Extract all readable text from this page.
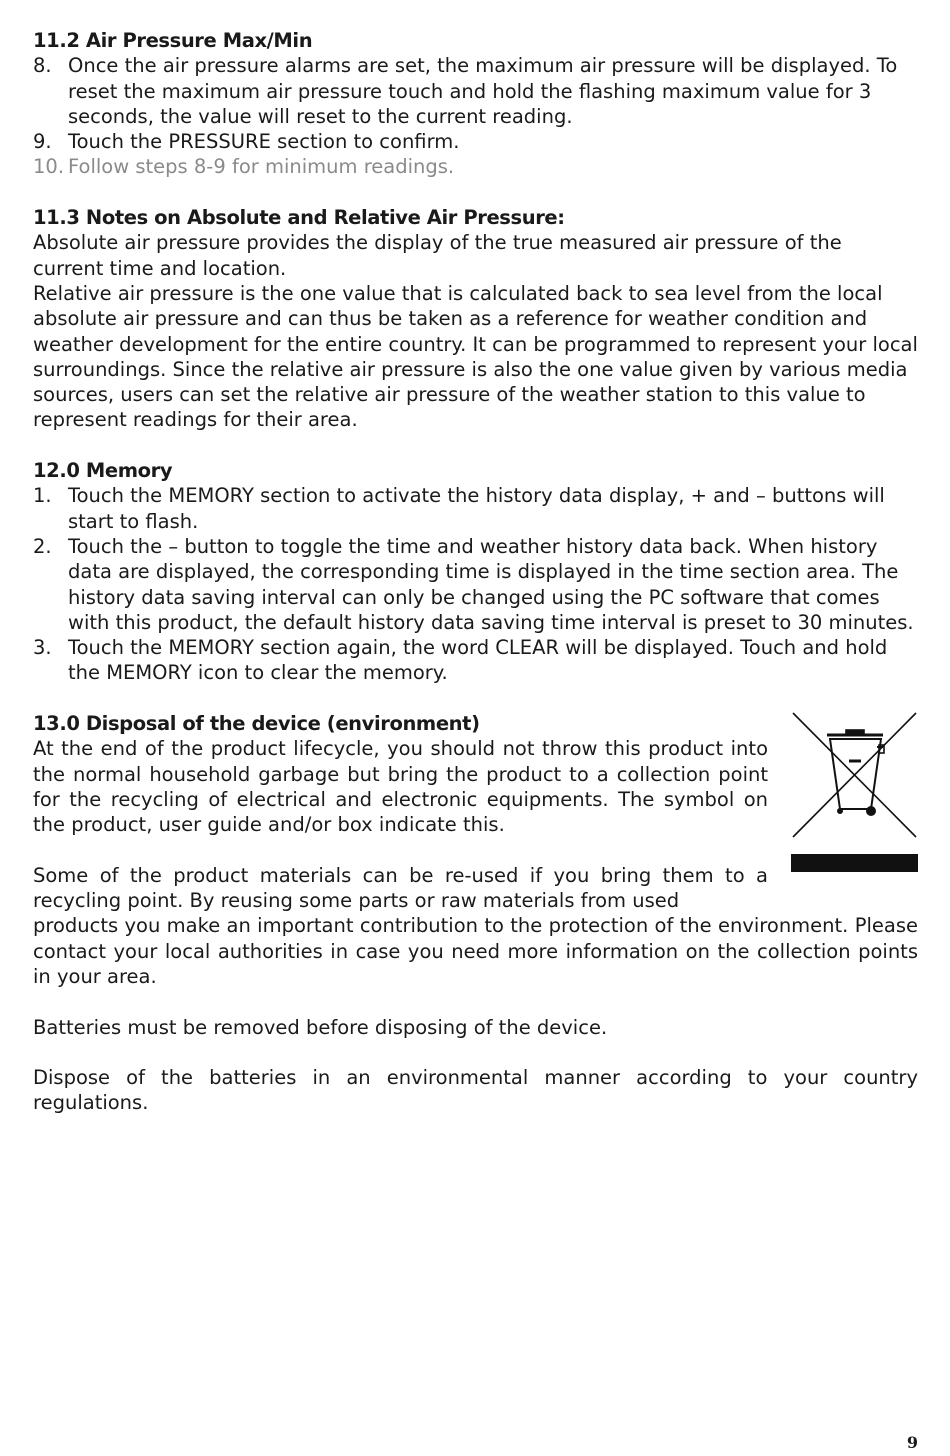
11.2 Air Pressure Max/Min
8. Once the air pressure alarms are set, the maximum air pressure will be displayed. To reset the maximum air pressure touch and hold the flashing maximum value for 3 seconds, the value will reset to the current reading.
9. Touch the PRESSURE section to confirm.
10. Follow steps 8-9 for minimum readings.
11.3 Notes on Absolute and Relative Air Pressure:

Absolute air pressure provides the display of the true measured air pressure of the current time and location.

Relative air pressure is the one value that is calculated back to sea level from the local absolute air pressure and can thus be taken as a reference for weather condition and weather development for the entire country. It can be programmed to represent your local surroundings. Since the relative air pressure is also the one value given by various media sources, users can set the relative air pressure of the weather station to this value to represent readings for their area.

12.0 Memory
1. Touch the MEMORY section to activate the history data display, + and – buttons will start to flash.
2. Touch the – button to toggle the time and weather history data back. When history data are displayed, the corresponding time is displayed in the time section area. The history data saving interval can only be changed using the PC software that comes with this product, the default history data saving time interval is preset to 30 minutes.
3. Touch the MEMORY section again, the word CLEAR will be displayed. Touch and hold the MEMORY icon to clear the memory.
13.0 Disposal of the device (environment)

At the end of the product lifecycle, you should not throw this product into the normal household garbage but bring the product to a collection point for the recycling of electrical and electronic equipments. The symbol on the product, user guide and/or box indicate this.

Some of the product materials can be re-used if you bring them to a recycling point. By reusing some parts or raw materials from used

products you make an important contribution to the protection of the environment. Please contact your local authorities in case you need more information on the collection points in your area.

Batteries must be removed before disposing of the device.

Dispose of the batteries in an environmental manner according to your country regulations.

9
